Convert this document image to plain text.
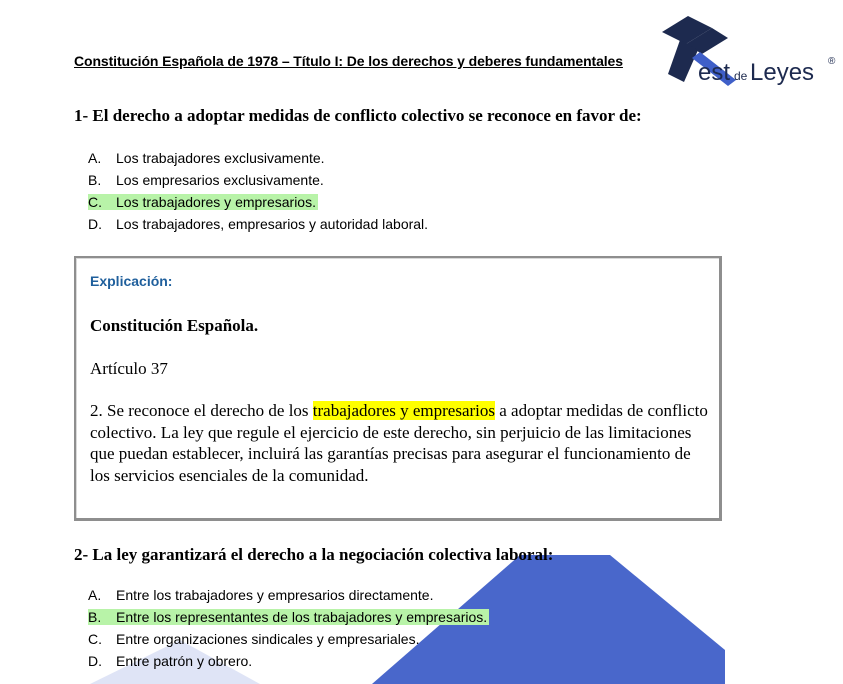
Constitución Española de 1978 – Título I: De los derechos y deberes fundamentales	est de Leyes ®
1- El derecho a adoptar medidas de conflicto colectivo se reconoce en favor de:
A. Los trabajadores exclusivamente.
B. Los empresarios exclusivamente.
C. Los trabajadores y empresarios.
D. Los trabajadores, empresarios y autoridad laboral.
Explicación:
Constitución Española.
Artículo 37
2. Se reconoce el derecho de los trabajadores y empresarios a adoptar medidas de conflicto colectivo. La ley que regule el ejercicio de este derecho, sin perjuicio de las limitaciones que puedan establecer, incluirá las garantías precisas para asegurar el funcionamiento de los servicios esenciales de la comunidad.
2- La ley garantizará el derecho a la negociación colectiva laboral:
A. Entre los trabajadores y empresarios directamente.
B. Entre los representantes de los trabajadores y empresarios.
C. Entre organizaciones sindicales y empresariales.
D. Entre patrón y obrero.
